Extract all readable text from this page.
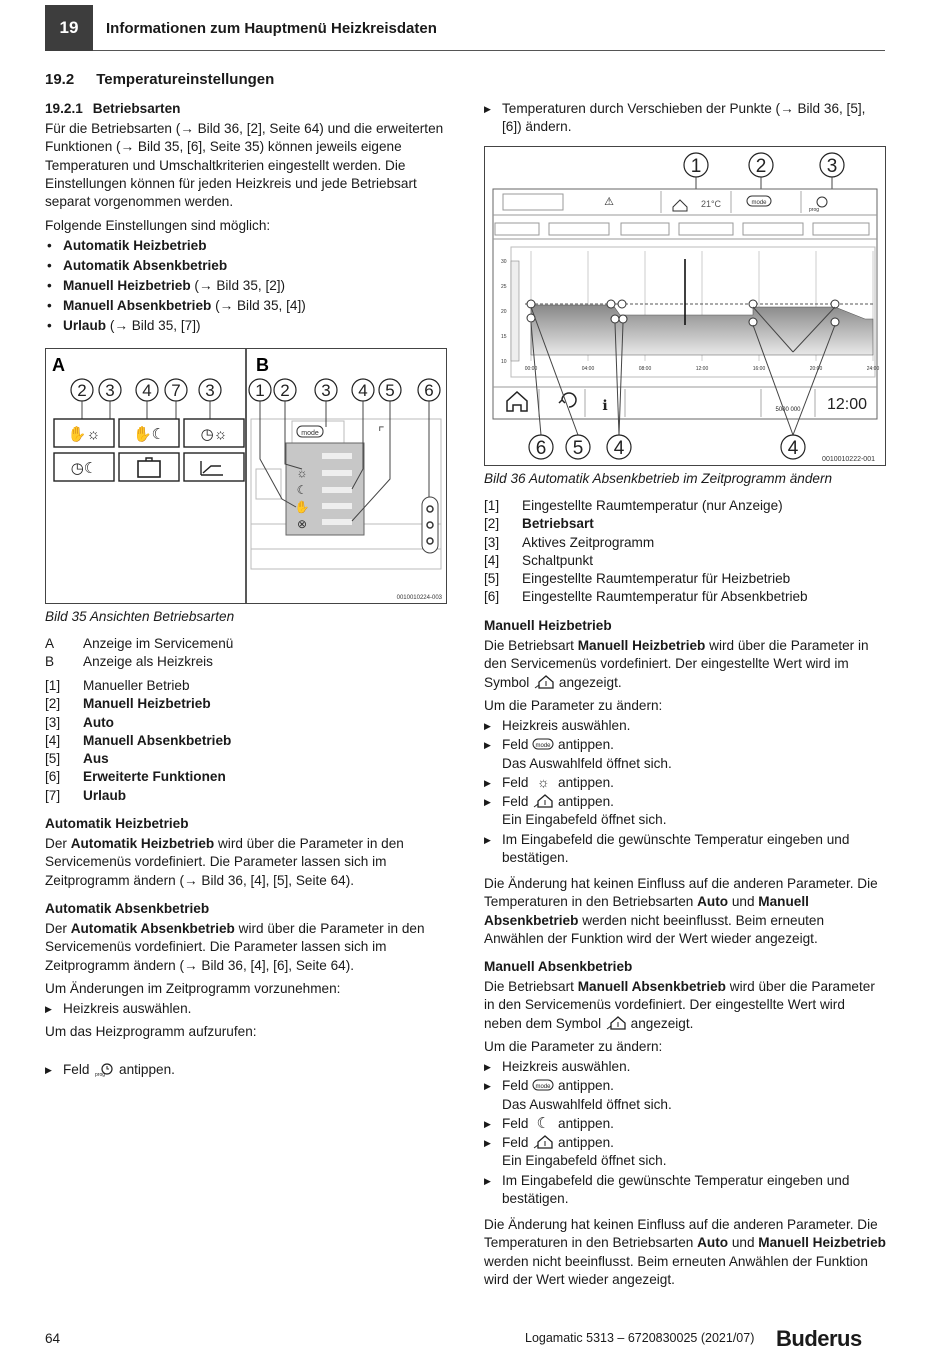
19	Informationen zum Hauptmenü Heizkreisdaten
19.2 Temperatureinstellungen
19.2.1 Betriebsarten
Für die Betriebsarten (→ Bild 36, [2], Seite 64) und die erweiterten Funktionen (→ Bild 35, [6], Seite 35) können jeweils eigene Temperaturen und Umschaltkriterien eingestellt werden. Die Einstellungen können für jeden Heizkreis und jede Betriebsart separat vorgenommen werden.
Folgende Einstellungen sind möglich:
• Automatik Heizbetrieb
• Automatik Absenkbetrieb
• Manuell Heizbetrieb (→ Bild 35, [2])
• Manuell Absenkbetrieb (→ Bild 35, [4])
• Urlaub (→ Bild 35, [7])
A	B
2 3 4 7 3
✋☼ ✋☾ ◷☼
◷☾
1 2 3 4 5 6
mode	⌜
☼
☾
✋
⊗
0010010224-003
Bild 35 Ansichten Betriebsarten
A	Anzeige im Servicemenü
B	Anzeige als Heizkreis
[1]	Manueller Betrieb
[2]	Manuell Heizbetrieb
[3]	Auto
[4]	Manuell Absenkbetrieb
[5]	Aus
[6]	Erweiterte Funktionen
[7]	Urlaub
Automatik Heizbetrieb
Der Automatik Heizbetrieb wird über die Parameter in den Servicemenüs vordefiniert. Die Parameter lassen sich im Zeitprogramm ändern (→ Bild 36, [4], [5], Seite 64).
Automatik Absenkbetrieb
Der Automatik Absenkbetrieb wird über die Parameter in den Servicemenüs vordefiniert. Die Parameter lassen sich im Zeitprogramm ändern (→ Bild 36, [4], [6], Seite 64).
Um Änderungen im Zeitprogramm vorzunehmen:
▶ Heizkreis auswählen.
Um das Heizprogramm aufzurufen:
▶ Feld prog antippen.
▶ Temperaturen durch Verschieben der Punkte (→ Bild 36, [5], [6]) ändern.
1	2	3
⚠	21°C	mode
prog
30
25
20
15
10
00:00	04:00	08:00	12:00	16:00	20:00	24:00
ℹ	5000 000 12:00
6 5 4	4
0010010222-001
Bild 36 Automatik Absenkbetrieb im Zeitprogramm ändern
[1]	Eingestellte Raumtemperatur (nur Anzeige)
[2]	Betriebsart
[3]	Aktives Zeitprogramm
[4]	Schaltpunkt
[5]	Eingestellte Raumtemperatur für Heizbetrieb
[6]	Eingestellte Raumtemperatur für Absenkbetrieb
Manuell Heizbetrieb
Die Betriebsart Manuell Heizbetrieb wird über die Parameter in den Servicemenüs vordefiniert. Der eingestellte Wert wird im Symbol  angezeigt.
Um die Parameter zu ändern:
▶ Heizkreis auswählen.
▶ Feld mode antippen.
Das Auswahlfeld öffnet sich.
▶ Feld ☼ antippen.
▶ Feld antippen.
Ein Eingabefeld öffnet sich.
▶ Im Eingabefeld die gewünschte Temperatur eingeben und bestätigen.
Die Änderung hat keinen Einfluss auf die anderen Parameter. Die Temperaturen in den Betriebsarten Auto und Manuell Absenkbetrieb werden nicht beeinflusst. Beim erneuten Anwählen der Funktion wird der Wert wieder angezeigt.
Manuell Absenkbetrieb
Die Betriebsart Manuell Absenkbetrieb wird über die Parameter in den Servicemenüs vordefiniert. Der eingestellte Wert wird neben dem Symbol  angezeigt.
Um die Parameter zu ändern:
▶ Heizkreis auswählen.
▶ Feld mode antippen.
Das Auswahlfeld öffnet sich.
▶ Feld ☾ antippen.
▶ Feld antippen.
Ein Eingabefeld öffnet sich.
▶ Im Eingabefeld die gewünschte Temperatur eingeben und bestätigen.
Die Änderung hat keinen Einfluss auf die anderen Parameter. Die Temperaturen in den Betriebsarten Auto und Manuell Heizbetrieb werden nicht beeinflusst. Beim erneuten Anwählen der Funktion wird der Wert wieder angezeigt.
64	Logamatic 5313 – 6720830025 (2021/07) Buderus
